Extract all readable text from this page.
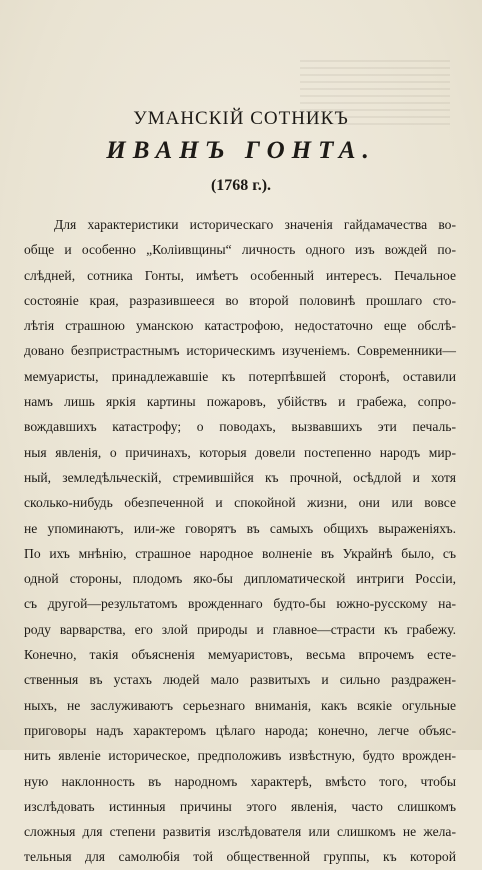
УМАНСКІЙ СОТНИКЪ
ИВАНЪ ГОНТА.
(1768 г.).
Для характеристики историческаго значенія гайдамачества во-
обще и особенно „Коліивщины“ личность одного изъ вождей по-
слѣдней, сотника Гонты, имѣетъ особенный интересъ. Печальное
состояніе края, разразившееся во второй половинѣ прошлаго сто-
лѣтія страшною уманскою катастрофою, недостаточно еще обслѣ-
довано безпристрастнымъ историческимъ изученіемъ. Современники—
мемуаристы, принадлежавшіе къ потерпѣвшей сторонѣ, оставили
намъ лишь яркія картины пожаровъ, убійствъ и грабежа, сопро-
вождавшихъ катастрофу; о поводахъ, вызвавшихъ эти печаль-
ныя явленія, о причинахъ, которыя довели постепенно народъ мир-
ный, земледѣльческій, стремившійся къ прочной, осѣдлой и хотя
сколько-нибудь обезпеченной и спокойной жизни, они или вовсе
не упоминаютъ, или-же говорятъ въ самыхъ общихъ выраженіяхъ.
По ихъ мнѣнію, страшное народное волненіе въ Украйнѣ было, съ
одной стороны, плодомъ яко-бы дипломатической интриги Россіи,
съ другой—результатомъ врожденнаго будто-бы южно-русскому на-
роду варварства, его злой природы и главное—страсти къ грабежу.
Конечно, такія объясненія мемуаристовъ, весьма впрочемъ есте-
ственныя въ устахъ людей мало развитыхъ и сильно раздражен-
ныхъ, не заслуживаютъ серьезнаго вниманія, какъ всякіе огульные
приговоры надъ характеромъ цѣлаго народа; конечно, легче объяс-
нить явленіе историческое, предположивъ извѣстную, будто врожден-
ную наклонность въ народномъ характерѣ, вмѣсто того, чтобы
изслѣдовать истинныя причины этого явленія, часто слишкомъ
сложныя для степени развитія изслѣдователя или слишкомъ не жела-
тельныя для самолюбія той общественной группы, къ которой
